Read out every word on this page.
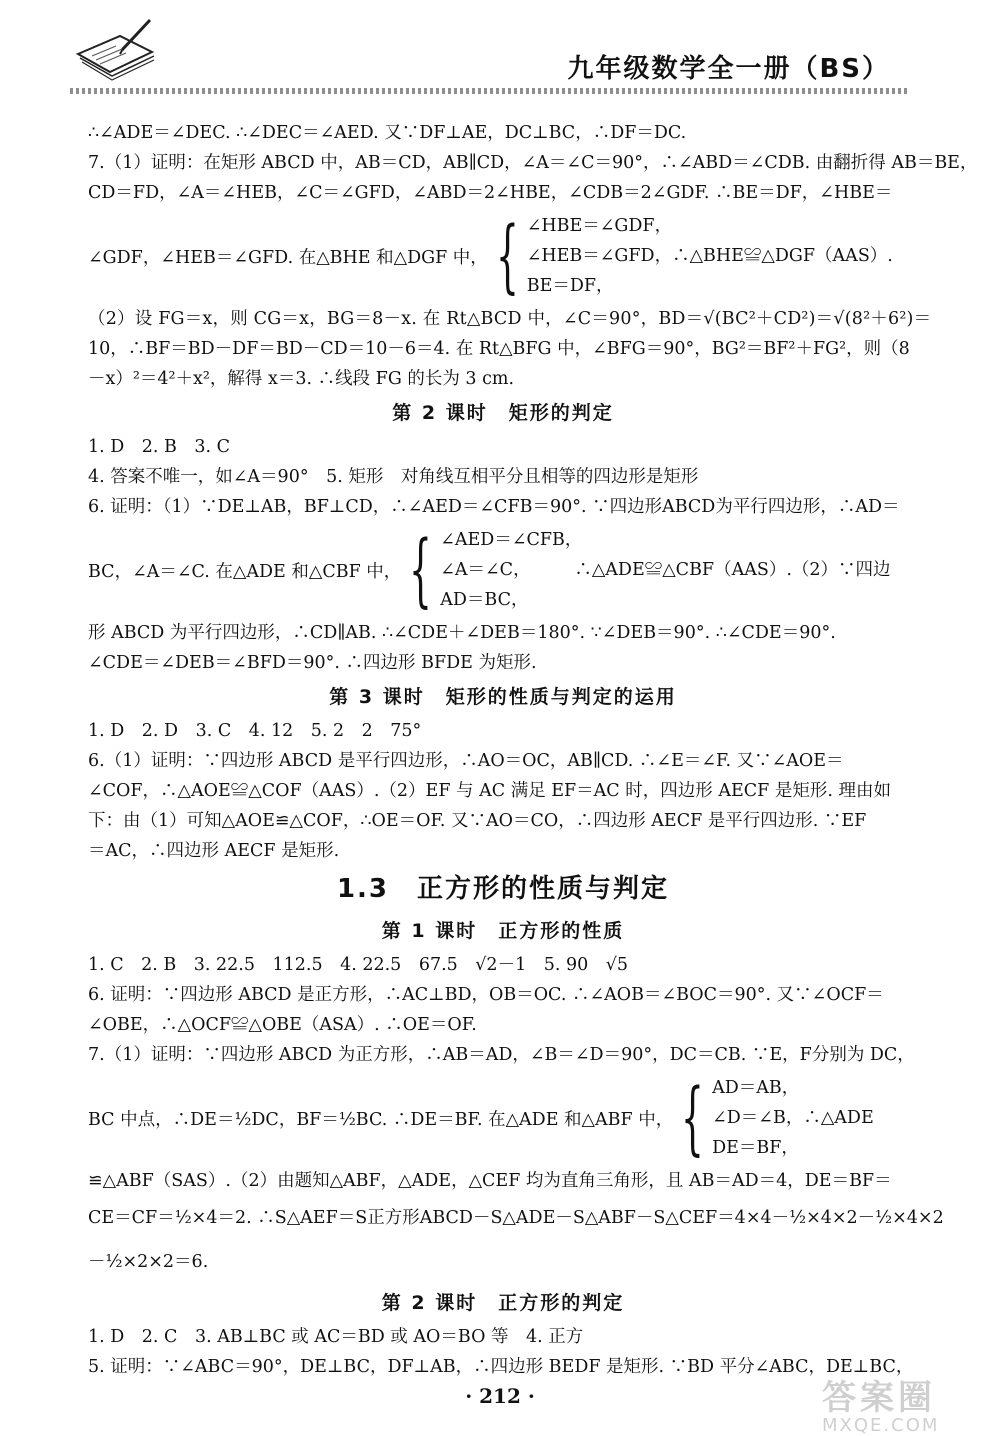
九年级数学全一册（BS）
∴∠ADE＝∠DEC. ∴∠DEC＝∠AED. 又∵DF⊥AE，DC⊥BC，∴DF＝DC.
7.（1）证明：在矩形 ABCD 中，AB＝CD，AB∥CD，∠A＝∠C＝90°，∴∠ABD＝∠CDB. 由翻折得 AB＝BE，
CD＝FD，∠A＝∠HEB，∠C＝∠GFD，∠ABD＝2∠HBE，∠CDB＝2∠GDF. ∴BE＝DF，∠HBE＝
∠GDF，∠HEB＝∠GFD. 在△BHE 和△DGF 中， { ∠HBE＝∠GDF，
∠HEB＝∠GFD，∴△BHE≌△DGF（AAS）.
BE＝DF，
（2）设 FG＝x，则 CG＝x，BG＝8－x. 在 Rt△BCD 中，∠C＝90°，BD＝√(BC²＋CD²)＝√(8²＋6²)＝
10，∴BF＝BD－DF＝BD－CD＝10－6＝4. 在 Rt△BFG 中，∠BFG＝90°，BG²＝BF²＋FG²，则（8
－x）²＝4²＋x²，解得 x＝3. ∴线段 FG 的长为 3 cm.
第 2 课时　矩形的判定
1. D　2. B　3. C
4. 答案不唯一，如∠A＝90°　5. 矩形　对角线互相平分且相等的四边形是矩形
6. 证明：（1）∵DE⊥AB，BF⊥CD，∴∠AED＝∠CFB＝90°. ∵四边形ABCD为平行四边形，∴AD＝
BC，∠A＝∠C. 在△ADE 和△CBF 中， { ∠AED＝∠CFB，
∠A＝∠C，　　　∴△ADE≌△CBF（AAS）.（2）∵四边
AD＝BC，
形 ABCD 为平行四边形，∴CD∥AB. ∴∠CDE＋∠DEB＝180°. ∵∠DEB＝90°. ∴∠CDE＝90°.
∠CDE＝∠DEB＝∠BFD＝90°. ∴四边形 BFDE 为矩形.
第 3 课时　矩形的性质与判定的运用
1. D　2. D　3. C　4. 12　5. 2　2　75°
6.（1）证明：∵四边形 ABCD 是平行四边形，∴AO＝OC，AB∥CD. ∴∠E＝∠F. 又∵∠AOE＝
∠COF，∴△AOE≌△COF（AAS）.（2）EF 与 AC 满足 EF＝AC 时，四边形 AECF 是矩形. 理由如
下：由（1）可知△AOE≌△COF，∴OE＝OF. 又∵AO＝CO，∴四边形 AECF 是平行四边形. ∵EF
＝AC，∴四边形 AECF 是矩形.
1.3　正方形的性质与判定
第 1 课时　正方形的性质
1. C　2. B　3. 22.5　112.5　4. 22.5　67.5　√2－1　5. 90　√5
6. 证明：∵四边形 ABCD 是正方形，∴AC⊥BD，OB＝OC. ∴∠AOB＝∠BOC＝90°. 又∵∠OCF＝
∠OBE，∴△OCF≌△OBE（ASA）. ∴OE＝OF.
7.（1）证明：∵四边形 ABCD 为正方形，∴AB＝AD，∠B＝∠D＝90°，DC＝CB. ∵E，F分别为 DC，
BC 中点，∴DE＝½DC，BF＝½BC. ∴DE＝BF. 在△ADE 和△ABF 中， { AD＝AB，
∠D＝∠B，∴△ADE
DE＝BF，
≌△ABF（SAS）.（2）由题知△ABF，△ADE，△CEF 均为直角三角形，且 AB＝AD＝4，DE＝BF＝
CE＝CF＝½×4＝2. ∴S△AEF＝S正方形ABCD－S△ADE－S△ABF－S△CEF＝4×4－½×4×2－½×4×2
－½×2×2＝6.
第 2 课时　正方形的判定
1. D　2. C　3. AB⊥BC 或 AC＝BD 或 AO＝BO 等　4. 正方
5. 证明：∵∠ABC＝90°，DE⊥BC，DF⊥AB，∴四边形 BEDF 是矩形. ∵BD 平分∠ABC，DE⊥BC，
· 212 ·	答案圈
MXQE.COM
